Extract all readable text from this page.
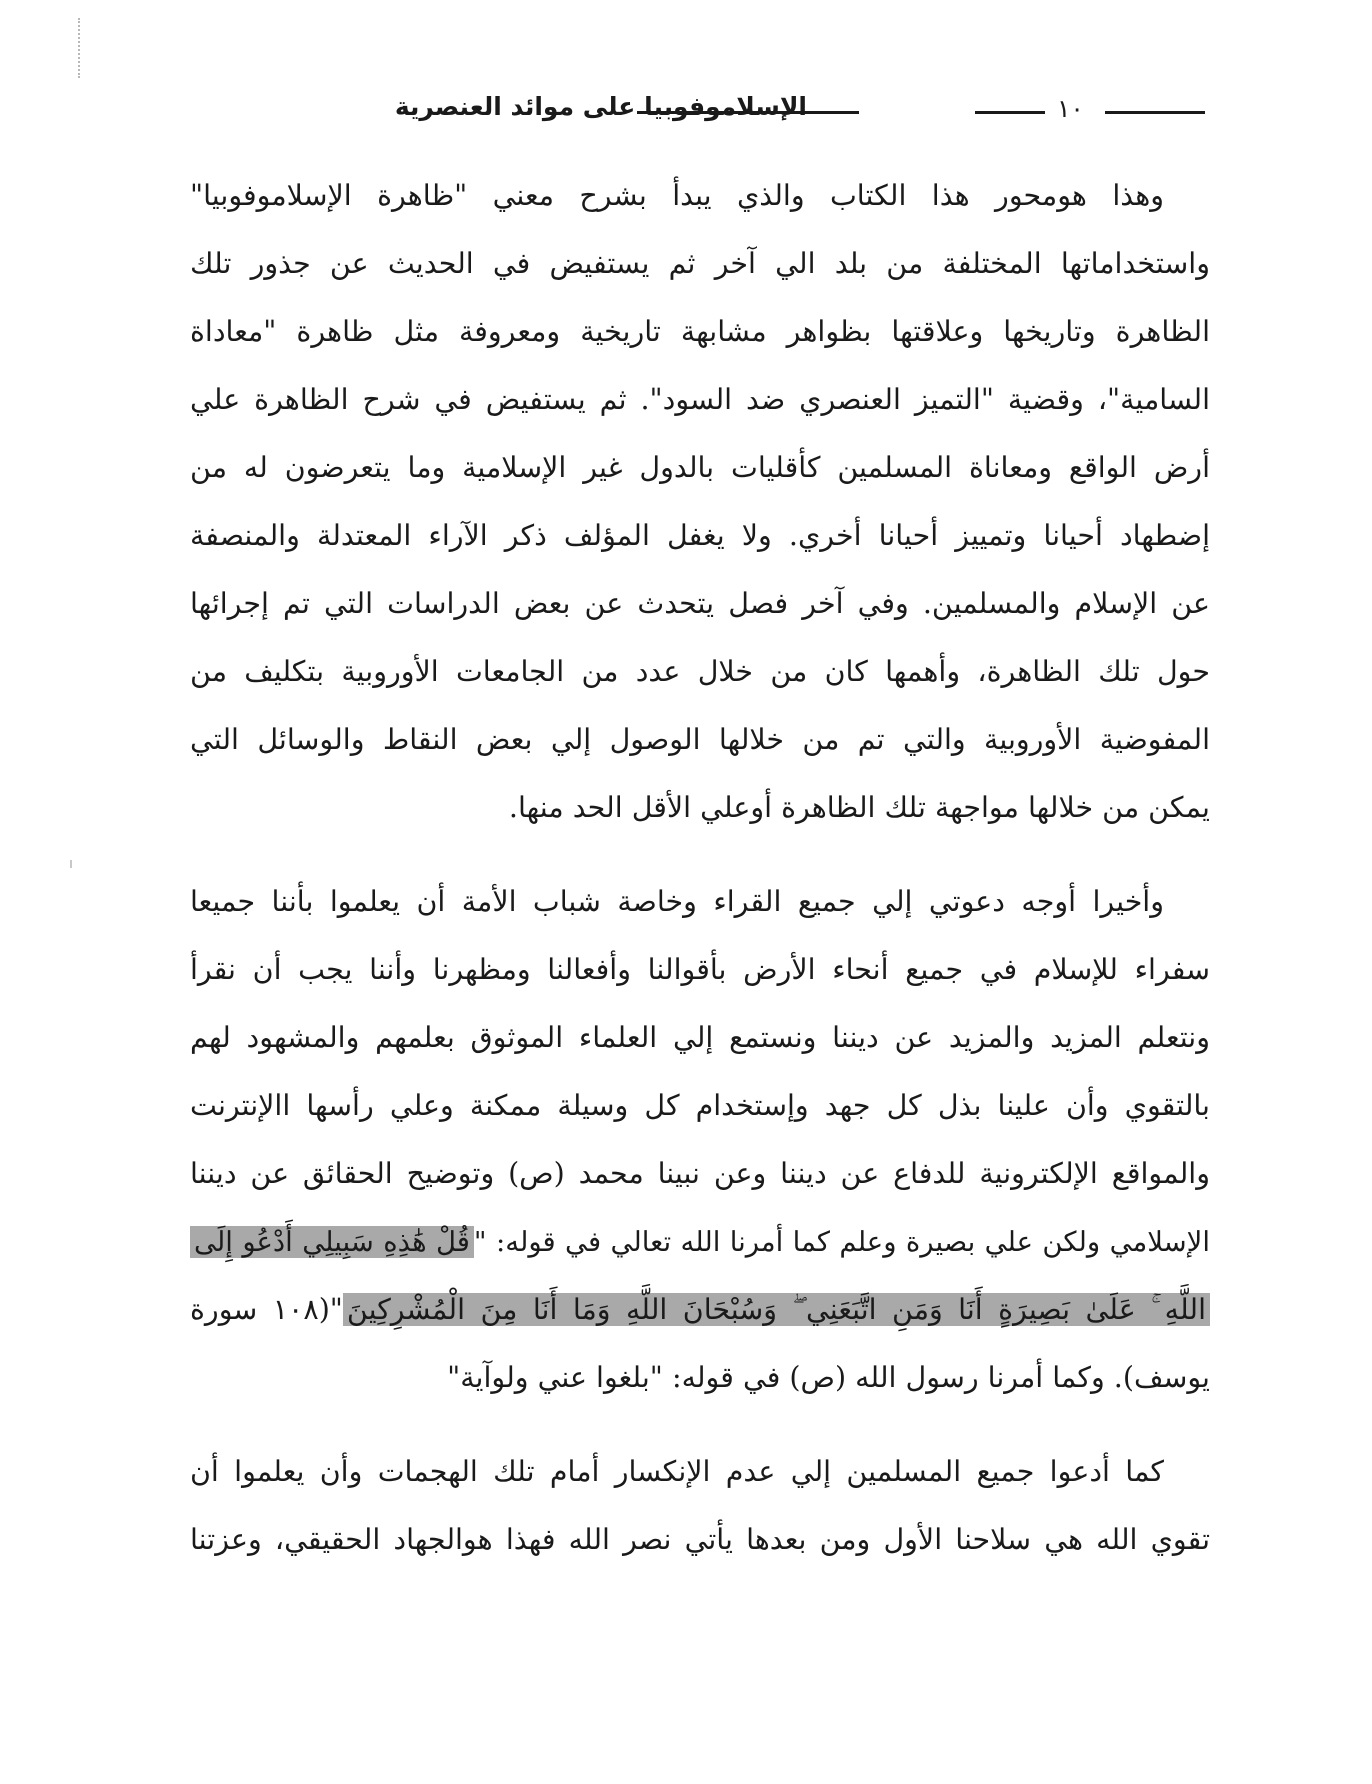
الإسلاموفوبيا على موائد العنصرية	١٠
وهذا هومحور هذا الكتاب والذي يبدأ بشرح معني "ظاهرة الإسلاموفوبيا"
واستخداماتها المختلفة من بلد الي آخر ثم يستفيض في الحديث عن جذور تلك
الظاهرة وتاريخها وعلاقتها بظواهر مشابهة تاريخية ومعروفة مثل ظاهرة "معاداة
السامية"، وقضية "التميز العنصري ضد السود". ثم يستفيض في شرح الظاهرة علي
أرض الواقع ومعاناة المسلمين كأقليات بالدول غير الإسلامية وما يتعرضون له من
إضطهاد أحيانا وتمييز أحيانا أخري. ولا يغفل المؤلف ذكر الآراء المعتدلة والمنصفة
عن الإسلام والمسلمين. وفي آخر فصل يتحدث عن بعض الدراسات التي تم إجرائها
حول تلك الظاهرة، وأهمها كان من خلال عدد من الجامعات الأوروبية بتكليف من
المفوضية الأوروبية والتي تم من خلالها الوصول إلي بعض النقاط والوسائل التي
يمكن من خلالها مواجهة تلك الظاهرة أوعلي الأقل الحد منها.
وأخيرا أوجه دعوتي إلي جميع القراء وخاصة شباب الأمة أن يعلموا بأننا جميعا
سفراء للإسلام في جميع أنحاء الأرض بأقوالنا وأفعالنا ومظهرنا وأننا يجب أن نقرأ
ونتعلم المزيد والمزيد عن ديننا ونستمع إلي العلماء الموثوق بعلمهم والمشهود لهم
بالتقوي وأن علينا بذل كل جهد وإستخدام كل وسيلة ممكنة وعلي رأسها االإنترنت
والمواقع الإلكترونية للدفاع عن ديننا وعن نبينا محمد (ص) وتوضيح الحقائق عن ديننا
الإسلامي ولكن علي بصيرة وعلم كما أمرنا الله تعالي في قوله: "قُلْ هَٰذِهِ سَبِيلِي أَدْعُو إِلَى
اللَّهِ ۚ عَلَىٰ بَصِيرَةٍ أَنَا وَمَنِ اتَّبَعَنِي ۖ وَسُبْحَانَ اللَّهِ وَمَا أَنَا مِنَ الْمُشْرِكِينَ"(١٠٨ سورة
يوسف). وكما أمرنا رسول الله (ص) في قوله: "بلغوا عني ولوآية"
كما أدعوا جميع المسلمين إلي عدم الإنكسار أمام تلك الهجمات وأن يعلموا أن
تقوي الله هي سلاحنا الأول ومن بعدها يأتي نصر الله فهذا هوالجهاد الحقيقي، وعزتنا
